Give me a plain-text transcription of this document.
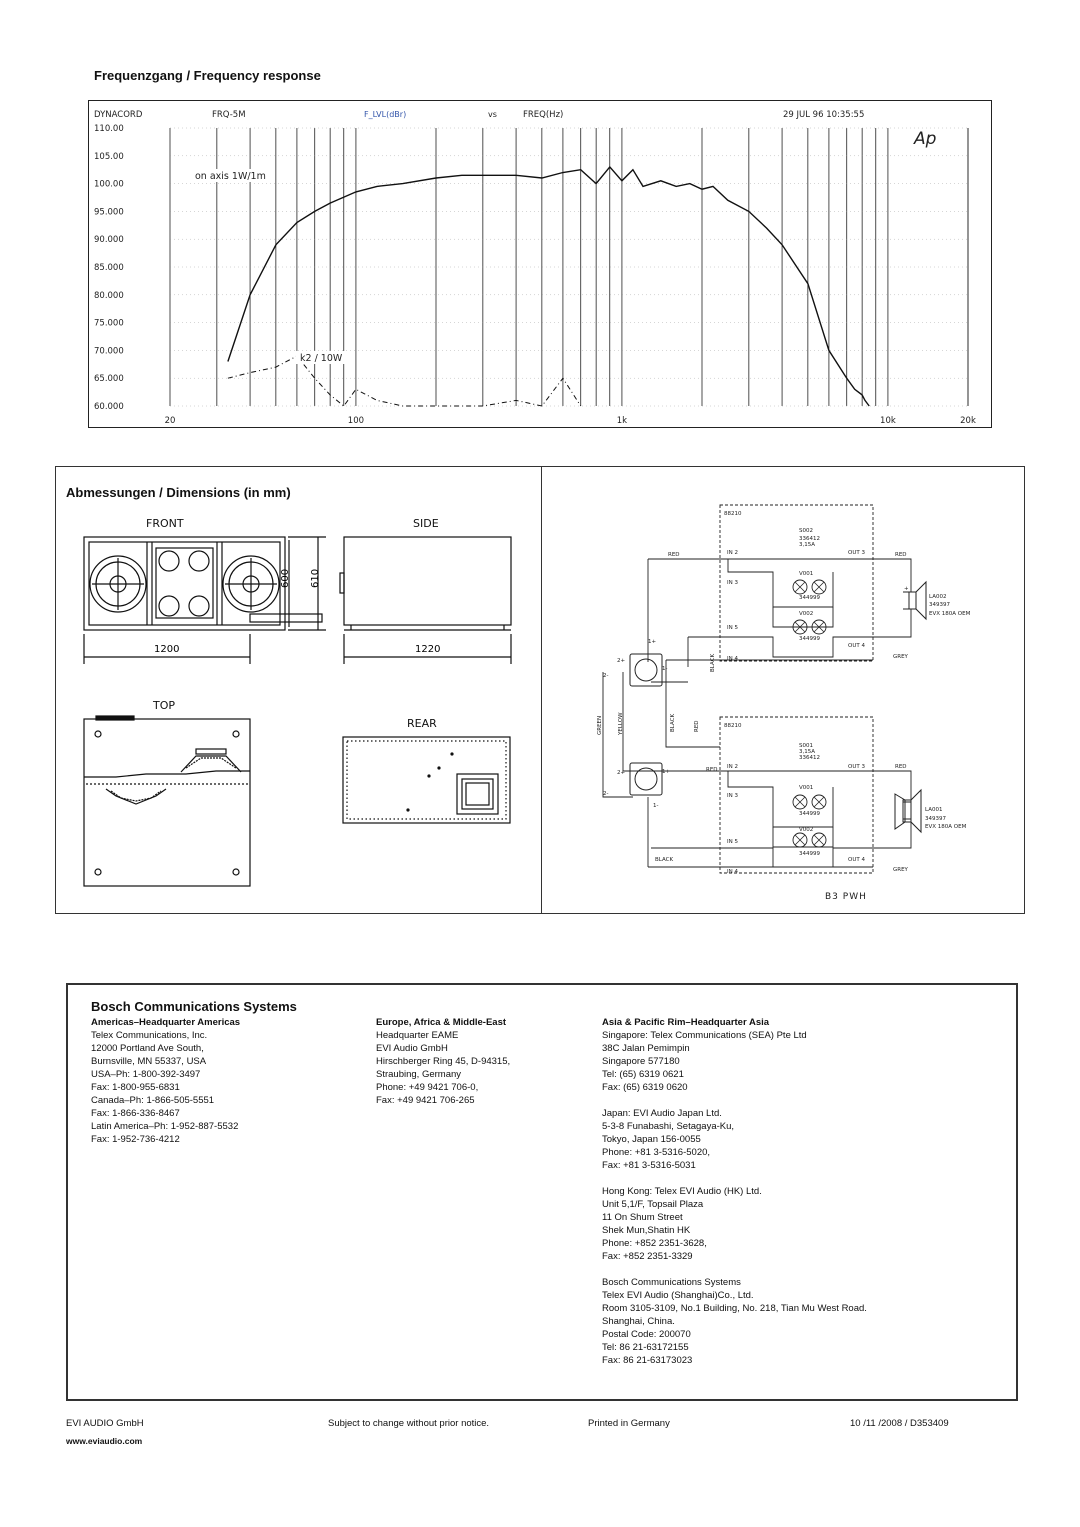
Frequenzgang / Frequency response
DYNACORD	FRQ-5M	F_LVL(dBr)	vs	FREQ(Hz)	29 JUL 96 10:35:55
Ap
110.00
105.00
100.00
95.000
90.000
85.000
80.000
75.000
70.000
65.000
60.000
20	100	1k	10k	20k
on axis 1W/1m
k2 / 10W
Abmessungen / Dimensions (in mm)
FRONT	SIDE
TOP
REAR
1200
600 610
1220
88210
88210
S002
336412
3,15A
S001
3,15A
336412
V001
344999
V002
344999
V001
344999
V002
344999
LA002
349397
EVX 180A OEM
LA001
349397
EVX 180A OEM
IN 2
IN 3
IN 5
IN 4
OUT 3
OUT 4
IN 2
IN 3
IN 5
IN 4
OUT 3
OUT 4
RED	RED
RED	RED
GREY
GREY
BLACK
BLACK
BLACK
GREEN	YELLOW	RED
1+
1-
2+
2-
1+
1-
2+
2-
+
B3 PWH
Bosch Communications Systems
Americas–Headquarter Americas
Telex Communications, Inc.
12000 Portland Ave South,
Burnsville, MN 55337, USA
USA–Ph: 1-800-392-3497
Fax: 1-800-955-6831
Canada–Ph: 1-866-505-5551
Fax: 1-866-336-8467
Latin America–Ph: 1-952-887-5532
Fax: 1-952-736-4212
Europe, Africa & Middle-East
Headquarter EAME
EVI Audio GmbH
Hirschberger Ring 45, D-94315,
Straubing, Germany
Phone: +49 9421 706-0,
Fax: +49 9421 706-265
Asia & Pacific Rim–Headquarter Asia
Singapore: Telex Communications (SEA) Pte Ltd
38C Jalan Pemimpin
Singapore 577180
Tel: (65) 6319 0621
Fax: (65) 6319 0620

Japan: EVI Audio Japan Ltd.
5-3-8 Funabashi, Setagaya-Ku,
Tokyo, Japan 156-0055
Phone: +81 3-5316-5020,
Fax: +81 3-5316-5031

Hong Kong: Telex EVI Audio (HK) Ltd.
Unit 5,1/F, Topsail Plaza
11 On Shum Street
Shek Mun,Shatin HK
Phone: +852 2351-3628,
Fax: +852 2351-3329

Bosch Communications Systems
Telex EVI Audio (Shanghai)Co., Ltd.
Room 3105-3109, No.1 Building, No. 218, Tian Mu West Road.
Shanghai, China.
Postal Code: 200070
Tel: 86 21-63172155
Fax: 86 21-63173023
EVI AUDIO GmbH
www.eviaudio.com
Subject to change without prior notice.	Printed in Germany	10 /11 /2008 / D353409
